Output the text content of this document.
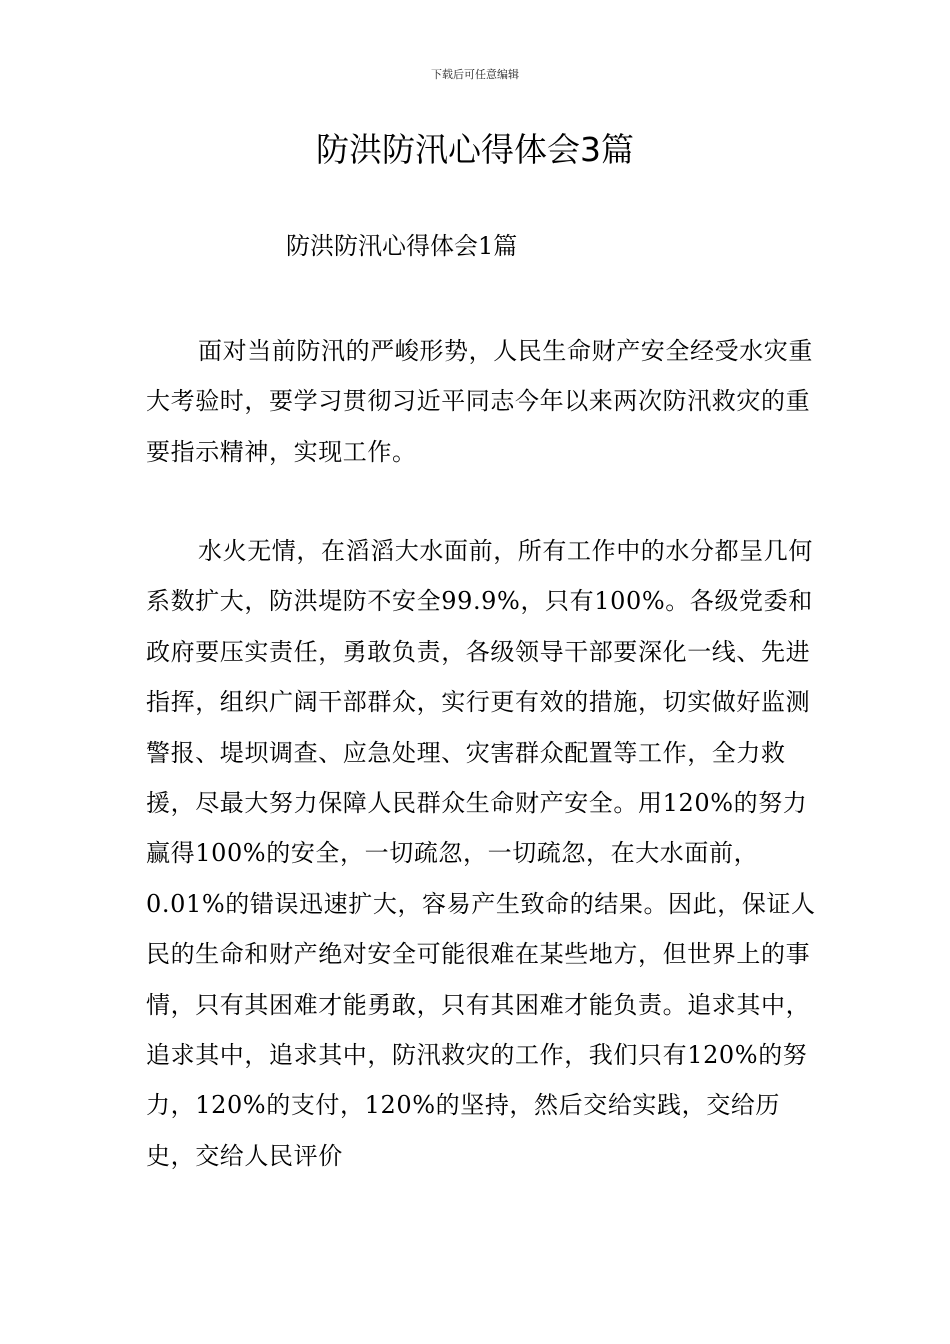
下载后可任意编辑
防洪防汛心得体会3篇
防洪防汛心得体会1篇

面对当前防汛的严峻形势，人民生命财产安全经受水灾重大考验时，要学习贯彻习近平同志今年以来两次防汛救灾的重要指示精神，实现工作。

水火无情，在滔滔大水面前，所有工作中的水分都呈几何系数扩大，防洪堤防不安全99.9%，只有100%。各级党委和政府要压实责任，勇敢负责，各级领导干部要深化一线、先进指挥，组织广阔干部群众，实行更有效的措施，切实做好监测警报、堤坝调查、应急处理、灾害群众配置等工作，全力救援，尽最大努力保障人民群众生命财产安全。用120%的努力赢得100%的安全，一切疏忽，一切疏忽，在大水面前，0.01%的错误迅速扩大，容易产生致命的结果。因此，保证人民的生命和财产绝对安全可能很难在某些地方，但世界上的事情，只有其困难才能勇敢，只有其困难才能负责。追求其中，追求其中，追求其中，防汛救灾的工作，我们只有120%的努力，120%的支付，120%的坚持，然后交给实践，交给历史，交给人民评价
